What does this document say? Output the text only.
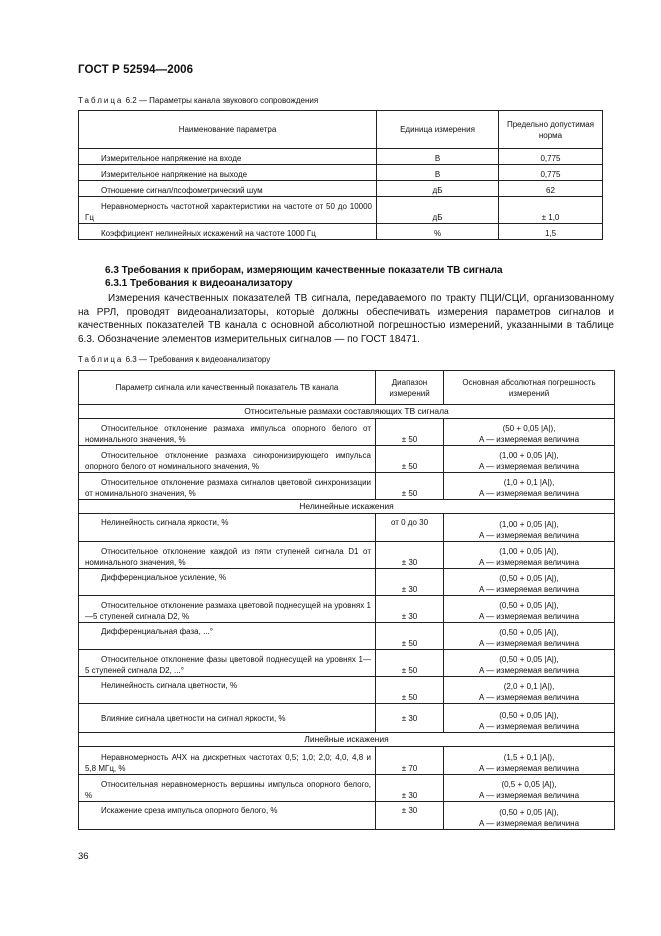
ГОСТ Р 52594—2006
Таблица 6.2 — Параметры канала звукового сопровождения
Наименование параметра	Единица измерения	Предельно допустимая норма
Измерительное напряжение на входе	В	0,775
Измерительное напряжение на выходе	В	0,775
Отношение сигнал/псофометрический шум	дБ	62
Неравномерность частотной характеристики на частоте от 50 до 10000 Гц	дБ	± 1,0
Коэффициент нелинейных искажений на частоте 1000 Гц	%	1,5
6.3 Требования к приборам, измеряющим качественные показатели ТВ сигнала
6.3.1 Требования к видеоанализатору
Измерения качественных показателей ТВ сигнала, передаваемого по тракту ПЦИ/СЦИ, организованному на РРЛ, проводят видеоанализаторы, которые должны обеспечивать измерения параметров сигналов и качественных показателей ТВ канала с основной абсолютной погрешностью измерений, указанными в таблице 6.3. Обозначение элементов измерительных сигналов — по ГОСТ 18471.
Таблица 6.3 — Требования к видеоанализатору
Параметр сигнала или качественный показатель ТВ канала	Диапазон измерений	Основная абсолютная погрешность измерений
Относительные размахи составляющих ТВ сигнала		
Относительное отклонение размаха импульса опорного белого от номинального значения, %	± 50	(50 + 0,05 |A|),
A — измеряемая величина

Относительное отклонение размаха синхронизирующего импульса опорного белого от номинального значения, %	± 50	(1,00 + 0,05 |A|),
A — измеряемая величина

Относительное отклонение размаха сигналов цветовой синхронизации от номинального значения, %	± 50	(1,0 + 0,1 |A|),
A — измеряемая величина

Нелинейные искажения		
Нелинейность сигнала яркости, %	от 0 до 30	(1,00 + 0,05 |A|),
A — измеряемая величина

Относительное отклонение каждой из пяти ступеней сигнала D1 от номинального значения, %	± 30	(1,00 + 0,05 |A|),
A — измеряемая величина

Дифференциальное усиление, %	± 30	(0,50 + 0,05 |A|),
A — измеряемая величина

Относительное отклонение размаха цветовой поднесущей на уровнях 1—5 ступеней сигнала D2, %	± 30	(0,50 + 0,05 |A|),
A — измеряемая величина

Дифференциальная фаза, ...°	± 50	(0,50 + 0,05 |A|),
A — измеряемая величина

Относительное отклонение фазы цветовой поднесущей на уровнях 1—5 ступеней сигнала D2, ...°	± 50	(0,50 + 0,05 |A|),
A — измеряемая величина

Нелинейность сигнала цветности, %	± 50	(2,0 + 0,1 |A|),
A — измеряемая величина

Влияние сигнала цветности на сигнал яркости, %	± 30	(0,50 + 0,05 |A|),
A — измеряемая величина

Линейные искажения		
Неравномерность АЧХ на дискретных частотах 0,5; 1,0; 2,0; 4,0, 4,8 и 5,8 МГц, %	± 70	(1,5 + 0,1 |A|),
A — измеряемая величина

Относительная неравномерность вершины импульса опорного белого, %	± 30	(0,5 + 0,05 |A|),
A — измеряемая величина

Искажение среза импульса опорного белого, %	± 30	(0,50 + 0,05 |A|),
A — измеряемая величина
36
